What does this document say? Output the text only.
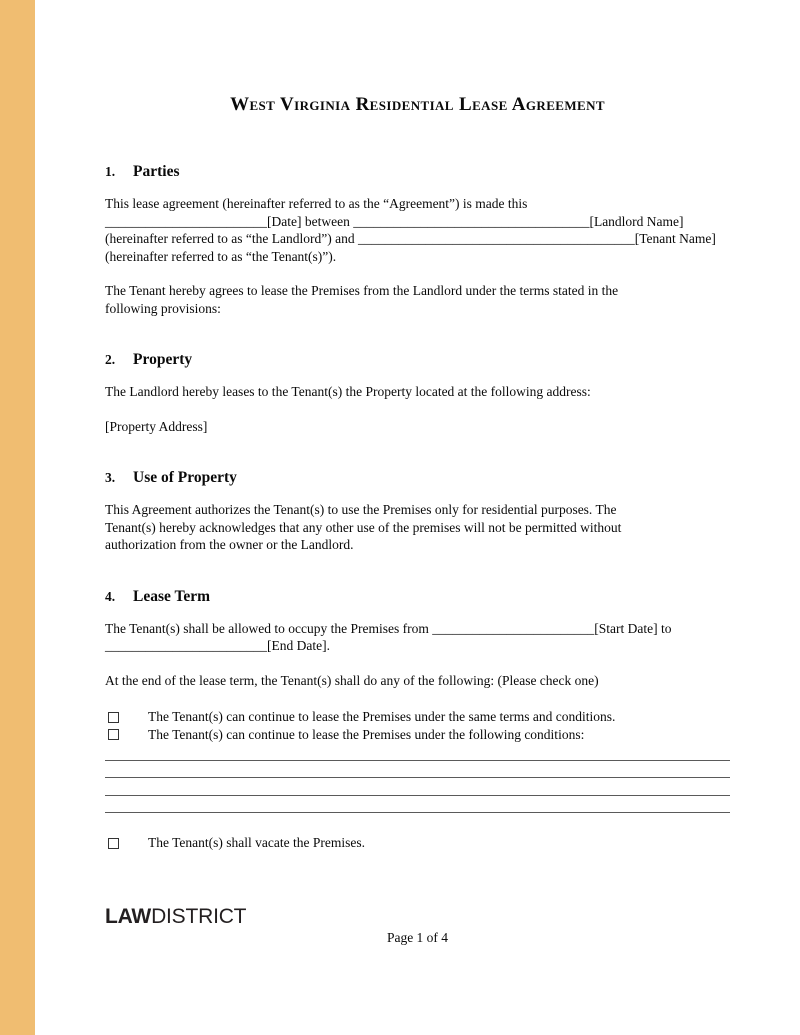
West Virginia Residential Lease Agreement
1. Parties
This lease agreement (hereinafter referred to as the “Agreement”) is made this
________________________[Date] between ___________________________________[Landlord Name]
(hereinafter referred to as “the Landlord”) and _________________________________________[Tenant Name]
(hereinafter referred to as “the Tenant(s)”).
The Tenant hereby agrees to lease the Premises from the Landlord under the terms stated in the
following provisions:
2. Property
The Landlord hereby leases to the Tenant(s) the Property located at the following address:
[Property Address]
3. Use of Property
This Agreement authorizes the Tenant(s) to use the Premises only for residential purposes. The
Tenant(s) hereby acknowledges that any other use of the premises will not be permitted without
authorization from the owner or the Landlord.
4. Lease Term
The Tenant(s) shall be allowed to occupy the Premises from ________________________[Start Date] to
________________________[End Date].
At the end of the lease term, the Tenant(s) shall do any of the following: (Please check one)
The Tenant(s) can continue to lease the Premises under the same terms and conditions.
The Tenant(s) can continue to lease the Premises under the following conditions:
The Tenant(s) shall vacate the Premises.
LAWDISTRICT
Page 1 of 4
